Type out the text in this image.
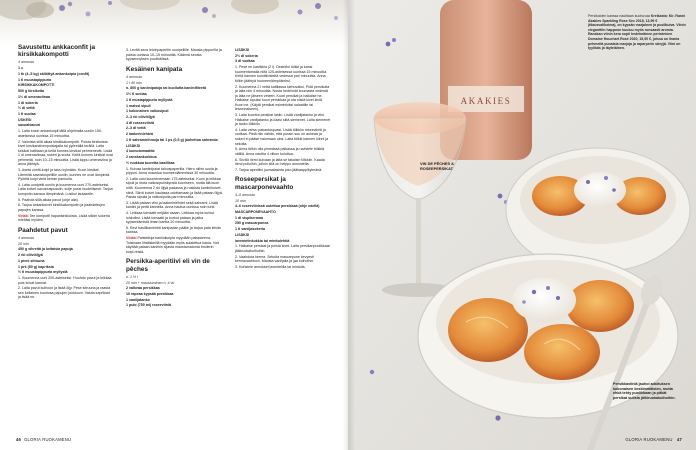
Savustettu ankkaconfit ja kirsikkakompotti

4 annosta

1 x

1 tk (4–5 kg) säilöttyä ankankoipia (confit)

1 tl muustapippuria

KIRSIKKAKOMPOTTI

500 g kirsikoita

1½ dl omenaviinaa

1 dl sokeria

½ dl vettä

1 tl suolaa

USKESI

savuahiaouri

1. Laita ensin ankankoipit tällä ohjelmalla uuniin 150-asteisessa uunissa 15 minuuttia.

2. Valmista sillä aikaa kirsikkakompotti. Poista kirsikoista kivet kirsikankivenpoistajalla tai pyöreällä terällä. Laita kirsikat kattilaan ja keitä kunnes kirsikat pehmenevät. Lisää 1 dl omenaviinaa, sokeri ja suola. Keitä kunnes kirsikat ovat pehmeitä, noin 10–15 minuuttia. Lisää loppu omenaviina ja anna jäähtyä.

3. Aseta confit-koipi ja taivu kylmään. Kuori kirsikat. Lämmitä savustuspellille uuniin, kunnes ne ovat lämpimiä. Pyöritä koipi vielä kerran pannulla.

4. Laita uunipelti uuniin ja kuumenna uuni 270-asteiseksi. Laita koivet savustuspussiin, sulje pussi huolellisesti. Tarjoa kompotin kanssa lämpimänä. Lusikoi lautaselle.

5. Paahda sillä aikaa pavut (ohje alla).

6. Tarjoa ankankoivet kirsikkakompotin ja paahdettujen papujen kanssa.

Vinkki Tee kompotti hapankirsikoista. Lisää silloin sokeria mieltäsi myöten.

Paahdetut pavut

4 annosta

20 min

450 g vihreitä ja keltaisia papuja

2 rkl oliiviöljyä

1 pieni sitruuna

1 prk (50 g) kapriksia

½ tl muustapippuria myllystä

1. Kuumenna uuni 200-asteiseksi. Huuhdo pavut ja leikkaa pois kovat kannat.

2. Laita pavut kulhoon ja lisää öljy. Pese sitruuna ja raasta sen kellainen kuoriosa papujen joukkoon. Valuta kaprikset ja lisää ne.

3. Levitä seos leivinpaperille uunipellille. Mausta pippurilla ja paista uunissa 10–15 minuuttia. Käännä seosta kypsennyksen puolivälissä.

Kesäinen kanipata

4 annosta

1 t 40 min

n. 800 g kaniinipaloja tai kuollutta kaniinifileetä

1½ tl suolaa

1 tl mustapippuria myllystä

1 maissi sipuli

1 kokonainen valkosipuli

2–3 rkl oliiviöljyä

4 dl rosseeviiniä

2–3 dl vettä

2 laakerinlehteä

1 tl sahramirihmoja tai 1 ps (0,5 g) jauhettua sahramia

LISÄKSI

4 kumotomaattia

2 ranskankurkkua

½ ruukkua tuoretta basilikaa

1. Kuivaa kaniinipalat talouspaperilla. Hiero niihin suola ja pippuri. Anna maustua huoneenlämmössä 30 minuuttia.

2. Laita uuni kuumenemaan 175-asteiseksi. Kuori ja leikkaa sipuli ja irrota valkosipulinkynsiä kuorineen, mutta älä kuori niitä. Kuumenna 2 rkl öljyä padassa ja ruskista kaniinikoivet siinä. Siirrä koivet kaulassa odottamaan ja lisää pataan öljyä. Paista sipulia ja valkosipulia pari minuuttia.

3. Lisää pataan viini ja laakerinlehdet sekä sahrami. Lisää kaniini ja peitä kannella. Anna hautua uunissa noin tunti.

4. Leikkaa tomaatit neljään osaan. Leikkaa myös kurkut lohkoiksi. Lisää tomaatit ja kurkut pataan ja jatka kypsentämistä ilman kantta 20 minuuttia.

5. Revi basilikanlehtiä kanipadan päälle ja tarjoa pata leivän kanssa.

Vinkki Paistettuja kaniinikoipia myydään pakasteena. Toisinaan lihatiskeillä myydään myös sulatettua kania. Voit käyttää pataan kaniinin sijasta maustamatonta broilerin koipi-reisiä.

Persikka-aperitiivi eli vin de pêches

n. 1 ½ l

20 min + maustuminen n. 4 vk

2 valkeaa persikkaa

10 rapeaa kypsää persikkaa

1 vaniljatanko

1 pulo (750 ml) roseeviiniä

LISÄKSI

2½ dl sokeria

3 dl vodkaa

1. Pese ne kastikkia (2 l). Desinfioi tölkki ja kansi kuumentamalla niitä 125-asteisessa uunissa 15 minuuttia. Keitä kannen kumitiivisteitä vedessä pari minuuttia. Anna tölkin jäähtyä huoneenlämpöiseksi.

2. Kuumenna 2 l vettä kattilassa kiehuvaksi. Pidä persikoita ja laita niin 4 minuuttia. Nosta hedelmät kuumasta vedestä ja laita ne jäiseen veteen. Kuori persikat ja halkaise ne. Halkaise lopuksi kuori persikkaa ja ota niistä kivet kiviä. Kuori ne. (Käytä persikat esimerkiksi salaattiin tai leivonnaiseen).

3. Laita kuoritut persikat lasiin. Lisää vaniljatanko ja viini. Halkaise vaniljatanko ja kaavi siitä siemenet. Laita siemenet ja tanko tölkkiin.

4. Laita vahvu pakastuspussi. Lisää tölkkiin roseeviiniä ja vodkaa. Pistä niin vähän, että pussin suu on aukeaa ja sokeri ei pääse valumaan ulos. Laita tölkki kannen kiinni ja sekoita.

5. Anna tölkin olla pimeässä paikassa ja ravistele tölkkiä välillä. Anna nauttia 4 viikon kuluttua.

6. Siivilöi liemi kuivaan ja laita se takaisin tölkkiin. Kaada liemi pulloihin, jolloin sitä on helppo annostella.

7. Tarjoa aperitiivi juomalasista joko jääkaappikylmänä.

Roseepersikat ja mascarponevaahto

4–6 annosta

10 min

4–6 roseeviinissä uutettua persikkaa (ohje edellä)

MASCARPONEVAAHTO

1 dl vispikermaa

250 g mascarponea

1 tl vaniljasokeria

LISÄKSI

laventelinkukkia tai minttulehtiä

1. Halkaise persikat ja poista kivet. Laita persikanpuolikkaat jälkiruokakulhoihin.

2. Vaahdota kerma. Sekoita mascarpone kevyesti kermavaahtoon. Mausta vaniljalla ja jaa kulhoihin.

3. Koristele annokset laventelilla tai mintulla.

46 GLORIA RUOKAMENU
AKAKIES
Persikoiden kanssa nautitaan kuohuvaa Kreikasta: Kir-Yianni Akakies Sparkling Rose Sec 2018, 13,99 € (tilausvalikoima), on kypsän marjainen ja puolikuiva. Viinin eleganttiin happoon kuuluu myös runsaasti aromia. Ranskan viinin kera sopii hedelmäinen perinteinen Domaine Houchart Rosé 2020, 15,90 €, joissa on ihania pehmeitä punaisia marjoja ja raparperin sävyjä. Viini on tyylikäs ja täyteläinen.
VIN DE PÊCHES & ROSEEPERSIKAT
Persikkaviiniä jauhoi adoituksen kokonaisen keskimmäisten, mutta ehkä tehty puolikkaan ja pitkät persikat suitsia jälkiruokakulhoihin.
GLORIA RUOKAMENU 47
